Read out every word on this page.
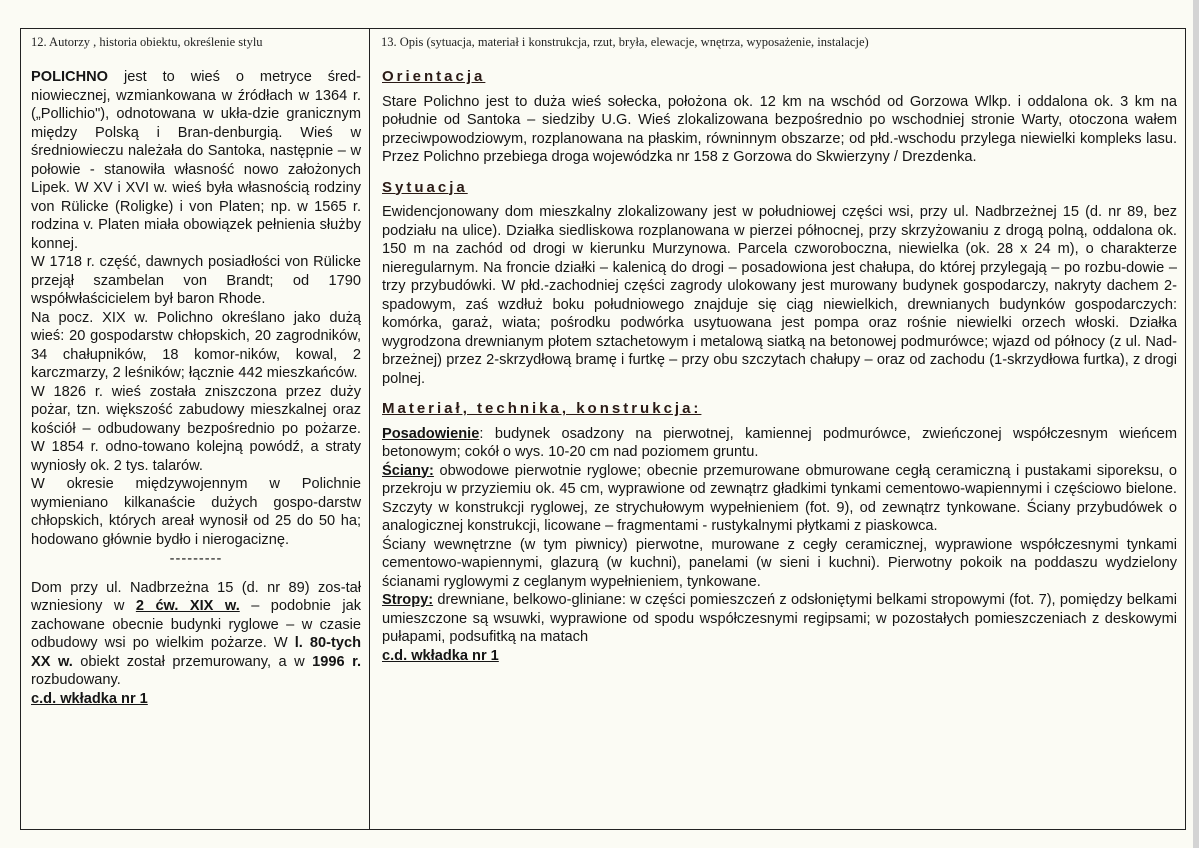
12. Autorzy , historia obiektu, określenie stylu	13. Opis (sytuacja, materiał i konstrukcja, rzut, bryła, elewacje, wnętrza, wyposażenie, instalacje)

POLICHNO jest to wieś o metryce śred-niowiecznej, wzmiankowana w źródłach w 1364 r. („Pollichio"), odnotowana w ukła-dzie granicznym między Polską i Bran-denburgią. Wieś w średniowieczu należała do Santoka, następnie – w połowie - stanowiła własność nowo założonych Lipek. W XV i XVI w. wieś była własnością rodziny von Rülicke (Roligke) i von Platen; np. w 1565 r. rodzina v. Platen miała obowiązek pełnienia służby konnej.

W 1718 r. część, dawnych posiadłości von Rülicke przejął szambelan von Brandt; od 1790 współwłaścicielem był baron Rhode.

Na pocz. XIX w. Polichno określano jako dużą wieś: 20 gospodarstw chłopskich, 20 zagrodników, 34 chałupników, 18 komor-ników, kowal, 2 karczmarzy, 2 leśników; łącznie 442 mieszkańców.

W 1826 r. wieś została zniszczona przez duży pożar, tzn. większość zabudowy mieszkalnej oraz kościół – odbudowany bezpośrednio po pożarze. W 1854 r. odno-towano kolejną powódź, a straty wyniosły ok. 2 tys. talarów.

W okresie międzywojennym w Polichnie wymieniano kilkanaście dużych gospo-darstw chłopskich, których areał wynosił od 25 do 50 ha; hodowano głównie bydło i nierogaciznę.

---------

Dom przy ul. Nadbrzeżna 15 (d. nr 89) zos-tał wzniesiony w 2 ćw. XIX w. – podobnie jak zachowane obecnie budynki ryglowe – w czasie odbudowy wsi po wielkim pożarze. W l. 80-tych XX w. obiekt został przemurowany, a w 1996 r. rozbudowany.

c.d. wkładka nr 1

Orientacja

Stare Polichno jest to duża wieś sołecka, położona ok. 12 km na wschód od Gorzowa Wlkp. i oddalona ok. 3 km na południe od Santoka – siedziby U.G. Wieś zlokalizowana bezpośrednio po wschodniej stronie Warty, otoczona wałem przeciwpowodziowym, rozplanowana na płaskim, równinnym obszarze; od płd.-wschodu przylega niewielki kompleks lasu. Przez Polichno przebiega droga wojewódzka nr 158 z Gorzowa do Skwierzyny / Drezdenka.

Sytuacja

Ewidencjonowany dom mieszkalny zlokalizowany jest w południowej części wsi, przy ul. Nadbrzeżnej 15 (d. nr 89, bez podziału na ulice). Działka siedliskowa rozplanowana w pierzei północnej, przy skrzyżowaniu z drogą polną, oddalona ok. 150 m na zachód od drogi w kierunku Murzynowa. Parcela czworoboczna, niewielka (ok. 28 x 24 m), o charakterze nieregularnym. Na froncie działki – kalenicą do drogi – posadowiona jest chałupa, do której przylegają – po rozbu-dowie – trzy przybudówki. W płd.-zachodniej części zagrody ulokowany jest murowany budynek gospodarczy, nakryty dachem 2-spadowym, zaś wzdłuż boku południowego znajduje się ciąg niewielkich, drewnianych budynków gospodarczych: komórka, garaż, wiata; pośrodku podwórka usytuowana jest pompa oraz rośnie niewielki orzech włoski. Działka wygrodzona drewnianym płotem sztachetowym i metalową siatką na betonowej podmurówce; wjazd od północy (z ul. Nad-brzeżnej) przez 2-skrzydłową bramę i furtkę – przy obu szczytach chałupy – oraz od zachodu (1-skrzydłowa furtka), z drogi polnej.

Materiał, technika, konstrukcja:

Posadowienie: budynek osadzony na pierwotnej, kamiennej podmurówce, zwieńczonej współczesnym wieńcem betonowym; cokół o wys. 10-20 cm nad poziomem gruntu.

Ściany: obwodowe pierwotnie ryglowe; obecnie przemurowane obmurowane cegłą ceramiczną i pustakami siporeksu, o przekroju w przyziemiu ok. 45 cm, wyprawione od zewnątrz gładkimi tynkami cementowo-wapiennymi i częściowo bielone. Szczyty w konstrukcji ryglowej, ze strychułowym wypełnieniem (fot. 9), od zewnątrz tynkowane. Ściany przybudówek o analogicznej konstrukcji, licowane – fragmentami - rustykalnymi płytkami z piaskowca.

Ściany wewnętrzne (w tym piwnicy) pierwotne, murowane z cegły ceramicznej, wyprawione współczesnymi tynkami cementowo-wapiennymi, glazurą (w kuchni), panelami (w sieni i kuchni). Pierwotny pokoik na poddaszu wydzielony ścianami ryglowymi z ceglanym wypełnieniem, tynkowane.

Stropy: drewniane, belkowo-gliniane: w części pomieszczeń z odsłoniętymi belkami stropowymi (fot. 7), pomiędzy belkami umieszczone są wsuwki, wyprawione od spodu współczesnymi regipsami; w pozostałych pomieszczeniach z deskowymi pułapami, podsufitką na matach

c.d. wkładka nr 1
